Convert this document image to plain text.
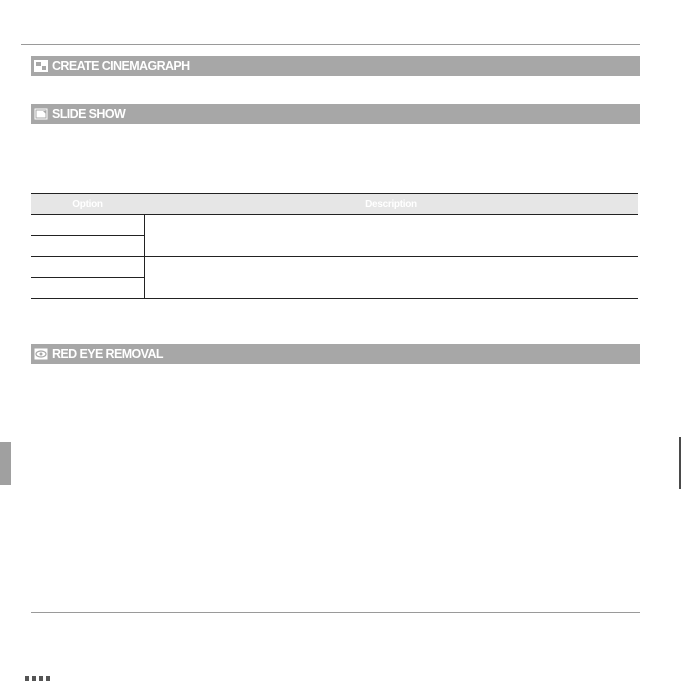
CREATE CINEMAGRAPH
SLIDE SHOW
Option	Description

RED EYE REMOVAL
